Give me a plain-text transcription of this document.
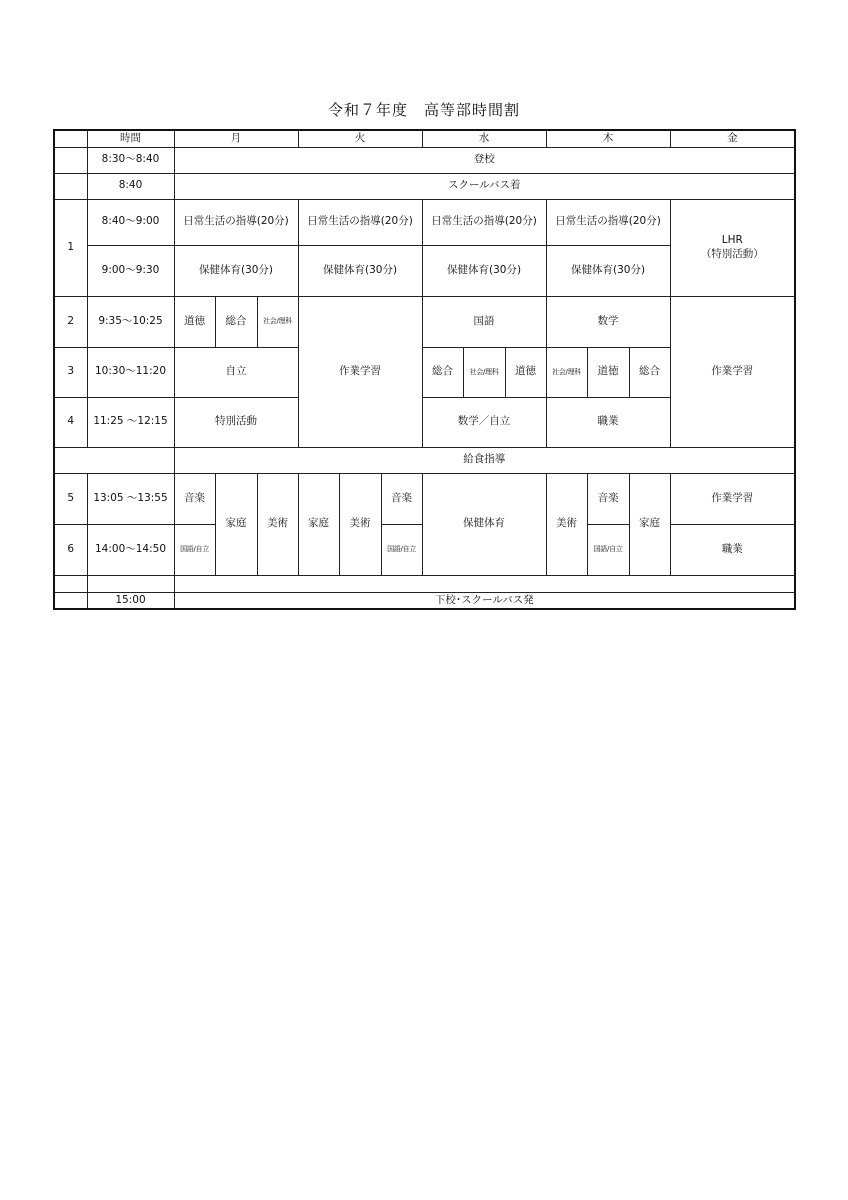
令和７年度　高等部時間割
	時間	月			火			水			木			金
	8:30〜8:40	登校												
	8:40	スクールバス着												
1	8:40〜9:00	日常生活の指導(20分)			日常生活の指導(20分)			日常生活の指導(20分)			日常生活の指導(20分)			LHR
（特別活動）

	9:00〜9:30	保健体育(30分)			保健体育(30分)			保健体育(30分)			保健体育(30分)			
2	9:35〜10:25	道徳	総合	社会/理科	作業学習			国語			数学			作業学習
3	10:30〜11:20	自立						総合	社会/理科	道徳	社会/理科	道徳	総合	
4	11:25 〜12:15	特別活動						数学／自立			職業			
		給食指導												
5	13:05 〜13:55	音楽	家庭	美術	家庭	美術	音楽	保健体育			美術	音楽	家庭	作業学習
6	14:00〜14:50	国語/自立					国語/自立					国語/自立		職業

	15:00	下校･スクールバス発												
